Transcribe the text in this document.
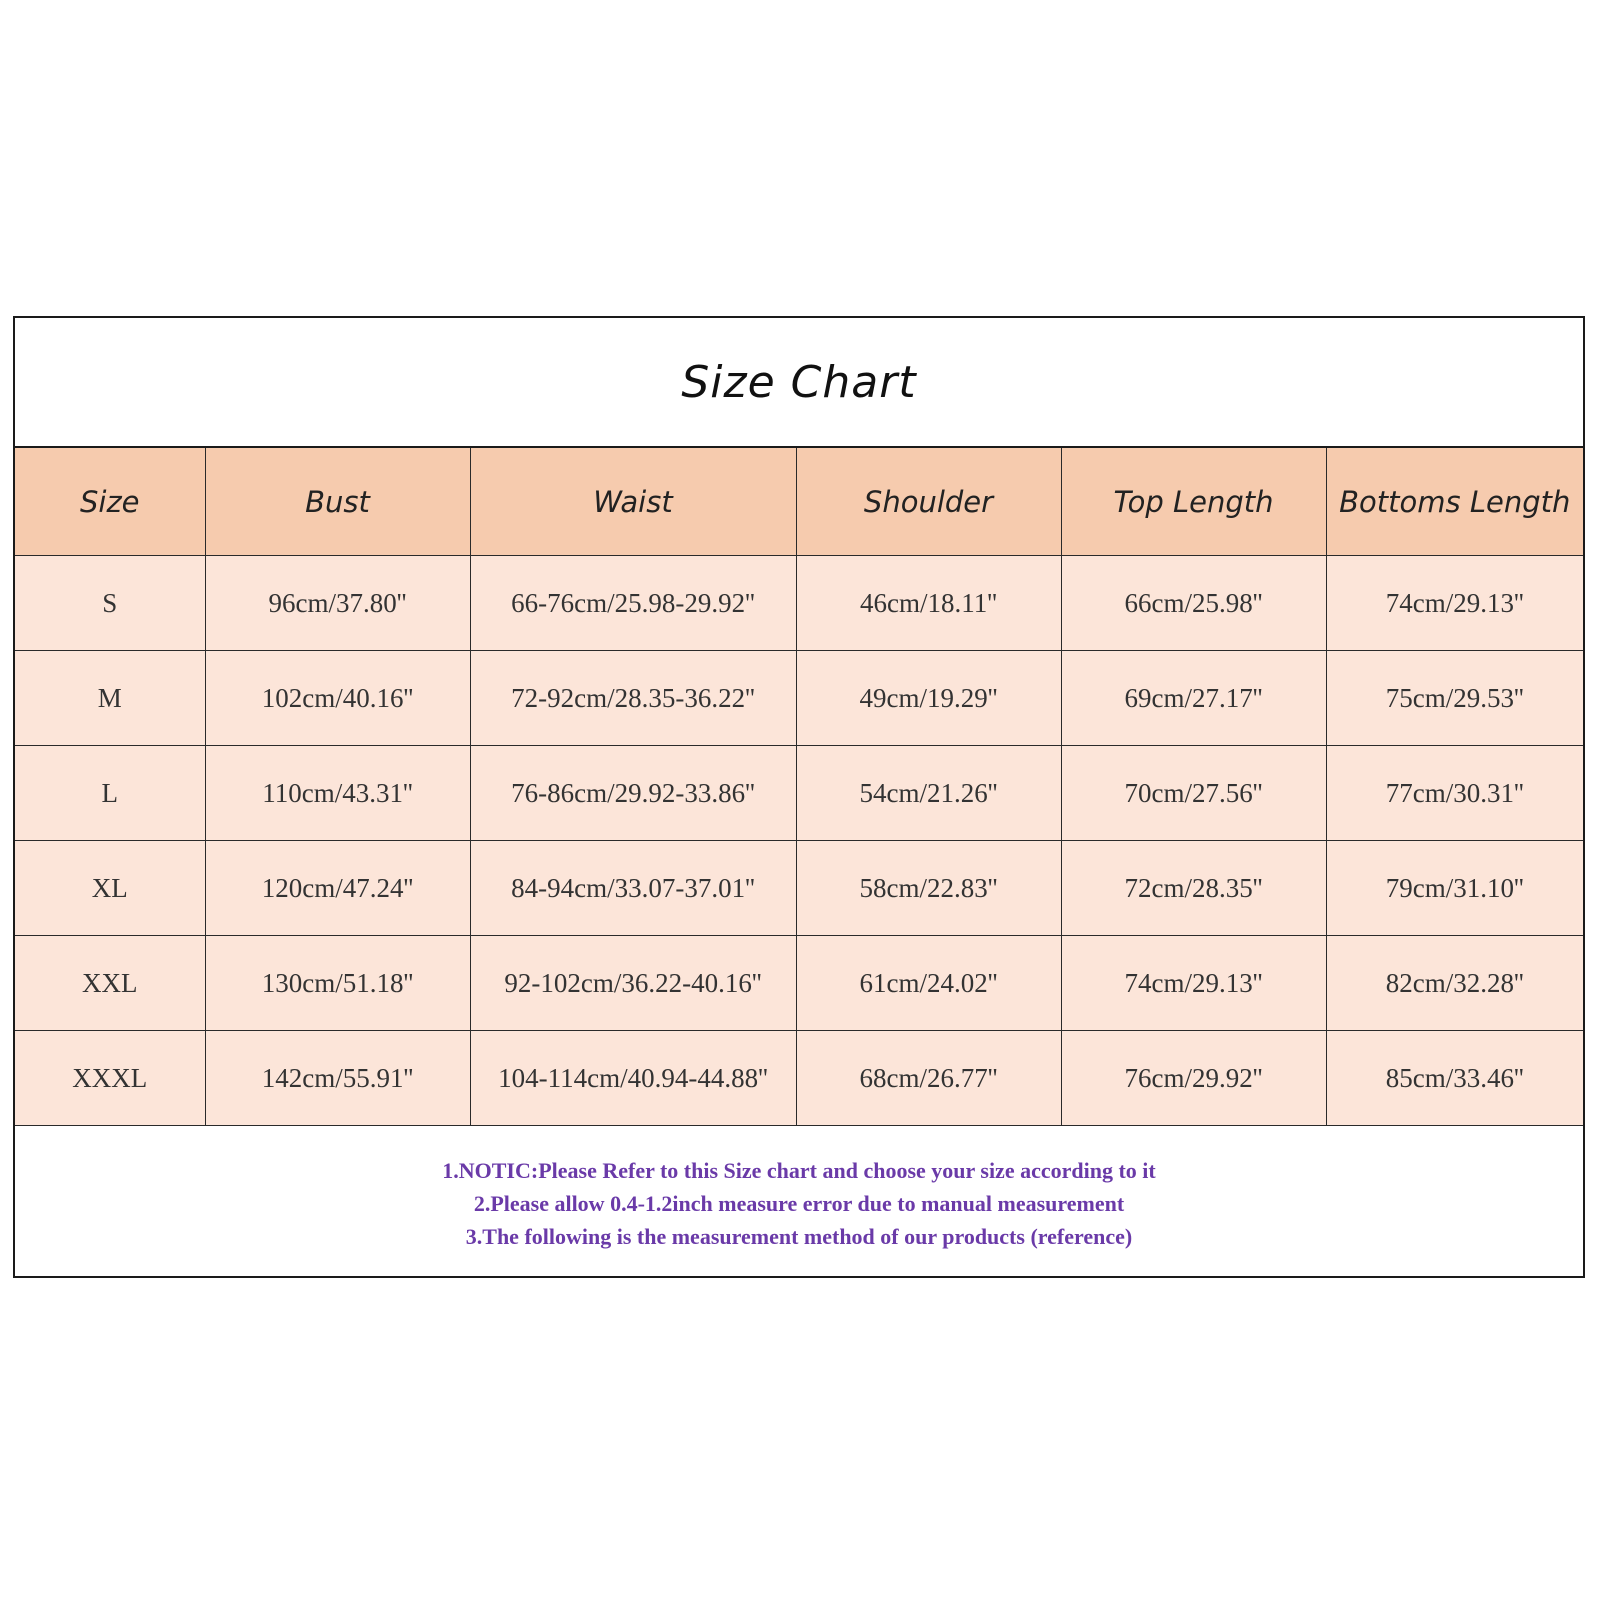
Size Chart
Size	Bust	Waist	Shoulder	Top Length	Bottoms Length
S	96cm/37.80''	66-76cm/25.98-29.92''	46cm/18.11''	66cm/25.98''	74cm/29.13''
M	102cm/40.16''	72-92cm/28.35-36.22''	49cm/19.29''	69cm/27.17''	75cm/29.53''
L	110cm/43.31''	76-86cm/29.92-33.86''	54cm/21.26''	70cm/27.56''	77cm/30.31''
XL	120cm/47.24''	84-94cm/33.07-37.01''	58cm/22.83''	72cm/28.35''	79cm/31.10''
XXL	130cm/51.18''	92-102cm/36.22-40.16''	61cm/24.02''	74cm/29.13''	82cm/32.28''
XXXL	142cm/55.91''	104-114cm/40.94-44.88''	68cm/26.77''	76cm/29.92''	85cm/33.46''
1.NOTIC:Please Refer to this Size chart and choose your size according to it
2.Please allow 0.4-1.2inch measure error due to manual measurement
3.The following is the measurement method of our products (reference)
